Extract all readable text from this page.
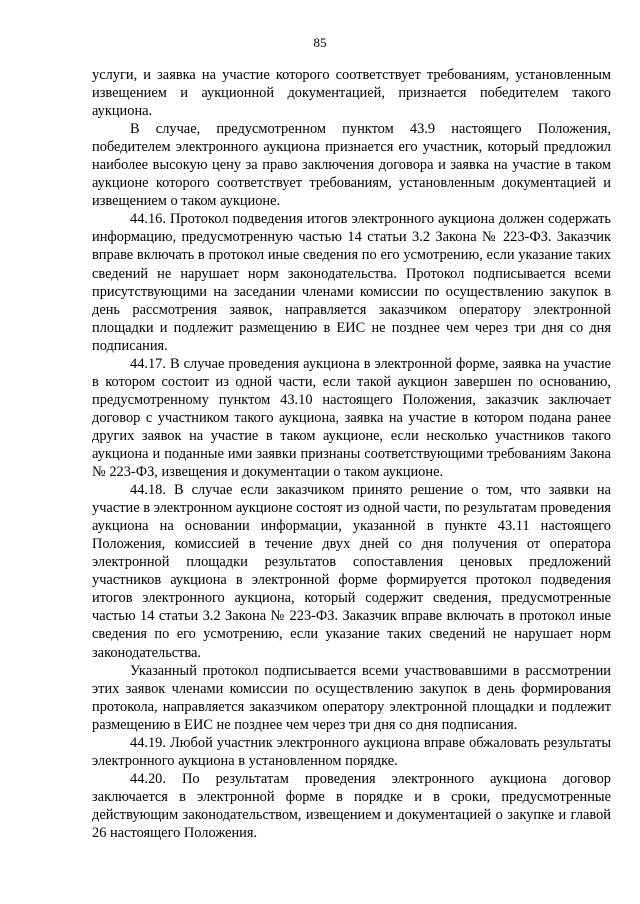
85

услуги, и заявка на участие которого соответствует требованиям, установленным извещением и аукционной документацией, признается победителем такого аукциона.

В случае, предусмотренном пунктом 43.9 настоящего Положения, победителем электронного аукциона признается его участник, который предложил наиболее высокую цену за право заключения договора и заявка на участие в таком аукционе которого соответствует требованиям, установленным документацией и извещением о таком аукционе.

44.16. Протокол подведения итогов электронного аукциона должен содержать информацию, предусмотренную частью 14 статьи 3.2 Закона № 223-ФЗ. Заказчик вправе включать в протокол иные сведения по его усмотрению, если указание таких сведений не нарушает норм законодательства. Протокол подписывается всеми присутствующими на заседании членами комиссии по осуществлению закупок в день рассмотрения заявок, направляется заказчиком оператору электронной площадки и подлежит размещению в ЕИС не позднее чем через три дня со дня подписания.

44.17. В случае проведения аукциона в электронной форме, заявка на участие в котором состоит из одной части, если такой аукцион завершен по основанию, предусмотренному пунктом 43.10 настоящего Положения, заказчик заключает договор с участником такого аукциона, заявка на участие в котором подана ранее других заявок на участие в таком аукционе, если несколько участников такого аукциона и поданные ими заявки признаны соответствующими требованиям Закона № 223-ФЗ, извещения и документации о таком аукционе.

44.18. В случае если заказчиком принято решение о том, что заявки на участие в электронном аукционе состоят из одной части, по результатам проведения аукциона на основании информации, указанной в пункте 43.11 настоящего Положения, комиссией в течение двух дней со дня получения от оператора электронной площадки результатов сопоставления ценовых предложений участников аукциона в электронной форме формируется протокол подведения итогов электронного аукциона, который содержит сведения, предусмотренные частью 14 статьи 3.2 Закона № 223-ФЗ. Заказчик вправе включать в протокол иные сведения по его усмотрению, если указание таких сведений не нарушает норм законодательства.

Указанный протокол подписывается всеми участвовавшими в рассмотрении этих заявок членами комиссии по осуществлению закупок в день формирования протокола, направляется заказчиком оператору электронной площадки и подлежит размещению в ЕИС не позднее чем через три дня со дня подписания.

44.19. Любой участник электронного аукциона вправе обжаловать результаты электронного аукциона в установленном порядке.

44.20. По результатам проведения электронного аукциона договор заключается в электронной форме в порядке и в сроки, предусмотренные действующим законодательством, извещением и документацией о закупке и главой 26 настоящего Положения.
